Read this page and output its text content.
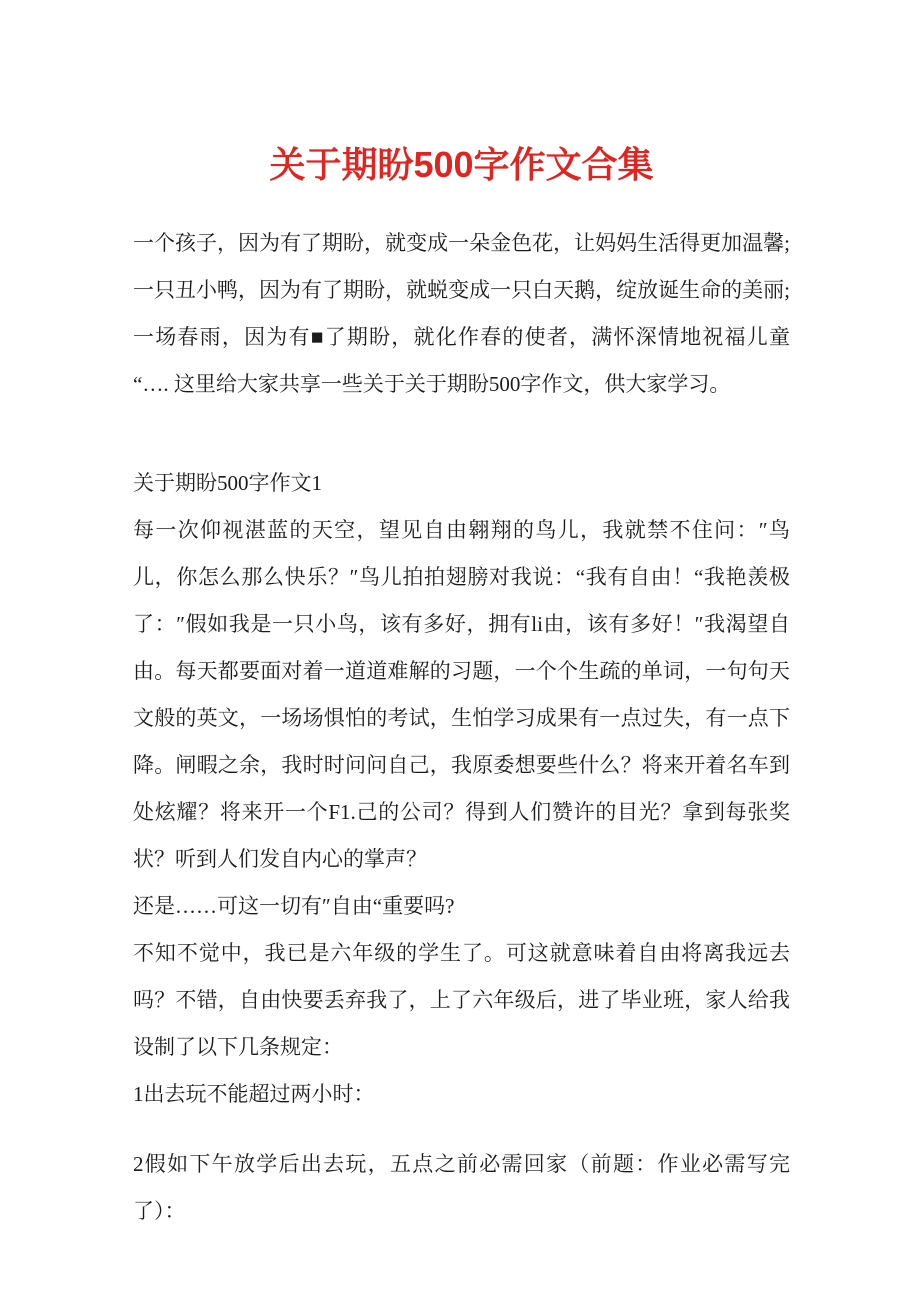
关于期盼500字作文合集

一个孩子，因为有了期盼，就变成一朵金色花，让妈妈生活得更加温馨; 一只丑小鸭，因为有了期盼，就蜕变成一只白天鹅，绽放诞生命的美丽; 一场春雨，因为有■了期盼，就化作春的使者，满怀深情地祝福儿童 “…. 这里给大家共享一些关于关于期盼500字作文，供大家学习。

关于期盼500字作文1

每一次仰视湛蓝的天空，望见自由翱翔的鸟儿，我就禁不住问：″鸟儿，你怎么那么快乐？″鸟儿拍拍翅膀对我说：“我有自由！“我艳羡极了：″假如我是一只小鸟，该有多好，拥有li由，该有多好！″我渴望自由。每天都要面对着一道道难解的习题，一个个生疏的单词，一句句天文般的英文，一场场惧怕的考试，生怕学习成果有一点过失，有一点下降。闸暇之余，我时时问问自己，我原委想要些什么？将来开着名车到处炫耀？将来开一个F1.己的公司？得到人们赞许的目光？拿到每张奖状？听到人们发自内心的掌声？

还是……可这一切有″自由“重要吗?

不知不觉中，我已是六年级的学生了。可这就意味着自由将离我远去吗？不错，自由快要丢弃我了，上了六年级后，进了毕业班，家人给我设制了以下几条规定：

1出去玩不能超过两小时：

2假如下午放学后出去玩，五点之前必需回家（前题：作业必需写完了）：
